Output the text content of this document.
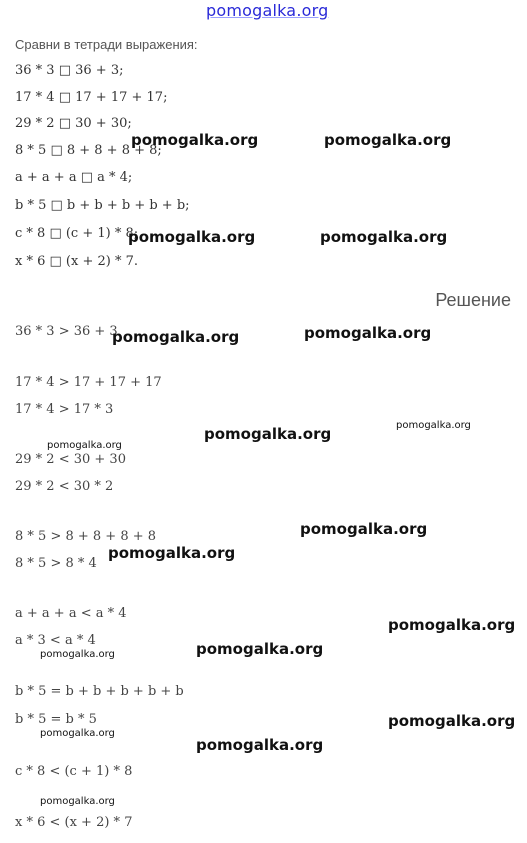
pomogalka.org
Сравни в тетради выражения:
36 * 3 □ 36 + 3;
17 * 4 □ 17 + 17 + 17;
29 * 2 □ 30 + 30;
8 * 5 □ 8 + 8 + 8 + 8;
a + a + a □ a * 4;
b * 5 □ b + b + b + b + b;
c * 8 □ (c + 1) * 8;
x * 6 □ (x + 2) * 7.
Решение
36 * 3 > 36 + 3
17 * 4 > 17 + 17 + 17
17 * 4 > 17 * 3
29 * 2 < 30 + 30
29 * 2 < 30 * 2
8 * 5 > 8 + 8 + 8 + 8
8 * 5 > 8 * 4
a + a + a < a * 4
a * 3 < a * 4
b * 5 = b + b + b + b + b
b * 5 = b * 5
c * 8 < (c + 1) * 8
x * 6 < (x + 2) * 7
pomogalka.org	pomogalka.org
pomogalka.org	pomogalka.org
pomogalka.org	pomogalka.org
pomogalka.org	pomogalka.org
pomogalka.org
pomogalka.org
pomogalka.org
pomogalka.org
pomogalka.org	pomogalka.org
pomogalka.org
pomogalka.org
pomogalka.org
pomogalka.org
